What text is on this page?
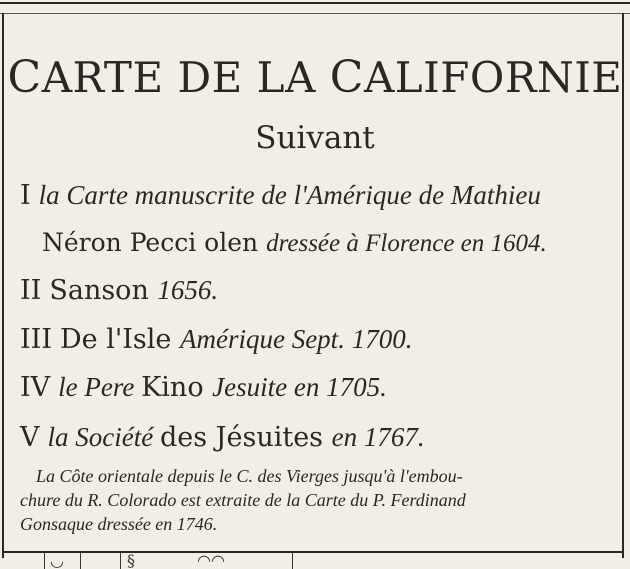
◡	§	◠◠
CARTE DE LA CALIFORNIE
Suivant
I la Carte manuscrite de l'Amérique de Mathieu
Néron Pecci olen dressée à Florence en 1604.
II Sanson 1656.
III De l'Isle Amérique Sept. 1700.
IV le Pere Kino Jesuite en 1705.
V la Société des Jésuites en 1767.
La Côte orientale depuis le C. des Vierges jusqu'à l'embou-
chure du R. Colorado est extraite de la Carte du P. Ferdinand
Gonsaque dressée en 1746.
